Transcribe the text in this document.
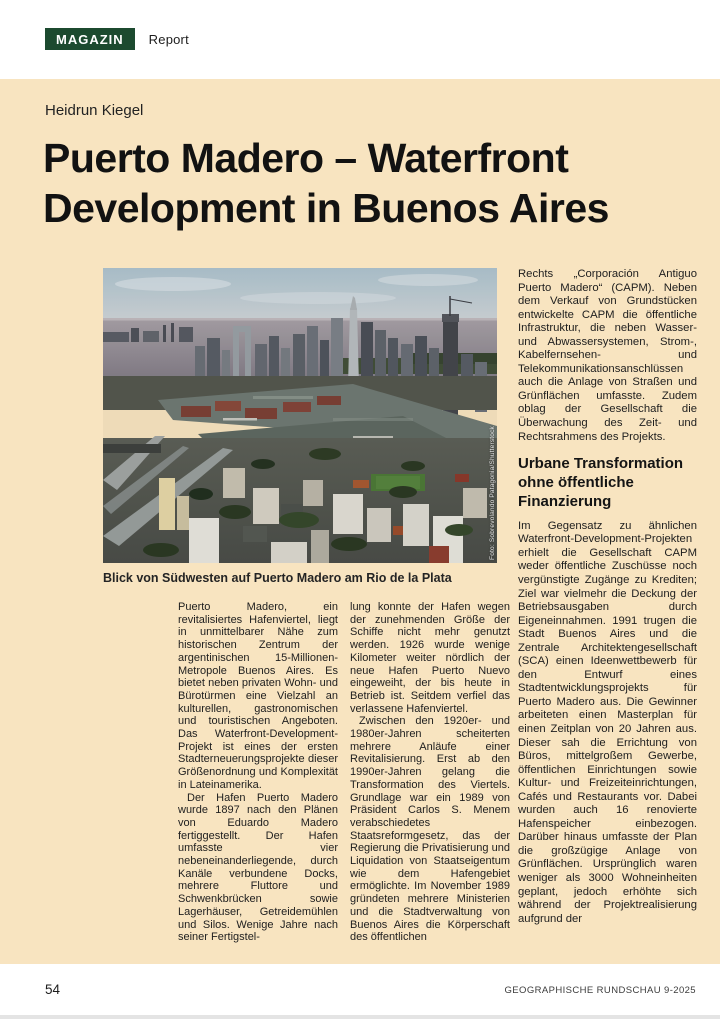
MAGAZIN	Report
Heidrun Kiegel
Puerto Madero – Waterfront Development in Buenos Aires
Foto: Sobrevolando Patagonia/Shutterstock
Blick von Südwesten auf Puerto Madero am Rio de la Plata

Puerto Madero, ein revitalisiertes Hafenviertel, liegt in unmittelbarer Nähe zum historischen Zentrum der argentinischen 15-Millionen-Metropole Buenos Aires. Es bietet neben privaten Wohn- und Bürotürmen eine Vielzahl an kulturellen, gastronomischen und touristischen Angeboten. Das Waterfront-Development-Projekt ist eines der ersten Stadterneuerungsprojekte dieser Größenordnung und Komplexität in Lateinamerika.

Der Hafen Puerto Madero wurde 1897 nach den Plänen von Eduardo Madero fertiggestellt. Der Hafen umfasste vier nebeneinanderliegende, durch Kanäle verbundene Docks, mehrere Fluttore und Schwenkbrücken sowie Lagerhäuser, Getreidemühlen und Silos. Wenige Jahre nach seiner Fertigstel-

lung konnte der Hafen wegen der zunehmenden Größe der Schiffe nicht mehr genutzt werden. 1926 wurde wenige Kilometer weiter nördlich der neue Hafen Puerto Nuevo eingeweiht, der bis heute in Betrieb ist. Seitdem verfiel das verlassene Hafenviertel.

Zwischen den 1920er- und 1980er-Jahren scheiterten mehrere Anläufe einer Revitalisierung. Erst ab den 1990er-Jahren gelang die Transformation des Viertels. Grundlage war ein 1989 von Präsident Carlos S. Menem verabschiedetes Staatsreformgesetz, das der Regierung die Privatisierung und Liquidation von Staatseigentum wie dem Hafengebiet ermöglichte. Im November 1989 gründeten mehrere Ministerien und die Stadtverwaltung von Buenos Aires die Körperschaft des öffentlichen

Rechts „Corporación Antiguo Puerto Madero“ (CAPM). Neben dem Verkauf von Grundstücken entwickelte CAPM die öffentliche Infrastruktur, die neben Wasser- und Abwassersystemen, Strom-, Kabelfernsehen- und Telekommunikationsanschlüssen auch die Anlage von Straßen und Grünflächen umfasste. Zudem oblag der Gesellschaft die Überwachung des Zeit- und Rechtsrahmens des Projekts.

Urbane Transformation ohne öffentliche Finanzierung

Im Gegensatz zu ähnlichen Waterfront-Development-Projekten erhielt die Gesellschaft CAPM weder öffentliche Zuschüsse noch vergünstigte Zugänge zu Krediten; Ziel war vielmehr die Deckung der Betriebsausgaben durch Eigeneinnahmen. 1991 trugen die Stadt Buenos Aires und die Zentrale Architektengesellschaft (SCA) einen Ideenwettbewerb für den Entwurf eines Stadtentwicklungsprojekts für Puerto Madero aus. Die Gewinner arbeiteten einen Masterplan für einen Zeitplan von 20 Jahren aus. Dieser sah die Errichtung von Büros, mittelgroßem Gewerbe, öffentlichen Einrichtungen sowie Kultur- und Freizeiteinrichtungen, Cafés und Restaurants vor. Dabei wurden auch 16 renovierte Hafenspeicher einbezogen. Darüber hinaus umfasste der Plan die großzügige Anlage von Grünflächen. Ursprünglich waren weniger als 3000 Wohneinheiten geplant, jedoch erhöhte sich während der Projektrealisierung aufgrund der

54	GEOGRAPHISCHE RUNDSCHAU 9-2025
